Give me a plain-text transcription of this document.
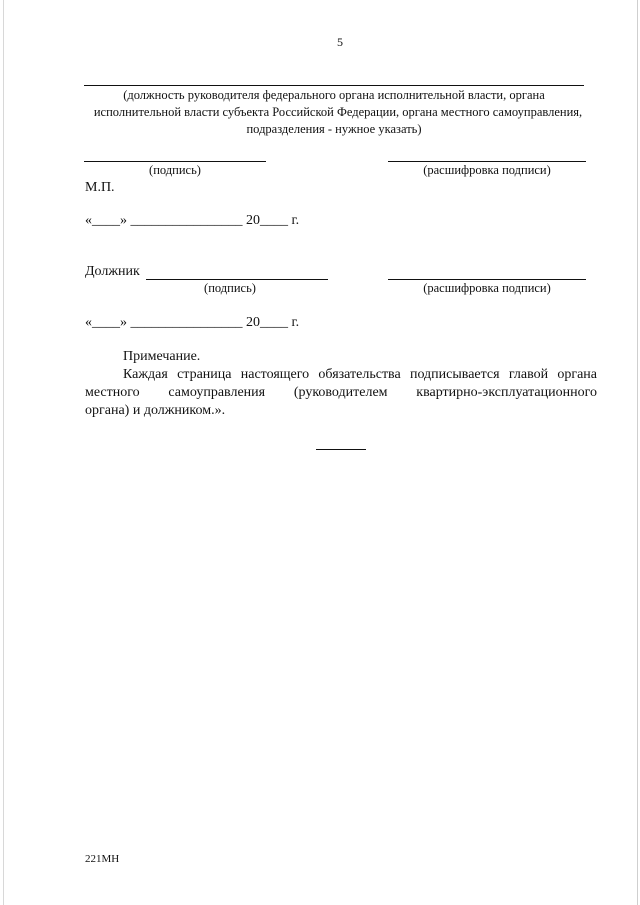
5
(должность руководителя федерального органа исполнительной власти, органа
исполнительной власти субъекта Российской Федерации, органа местного самоуправления,
подразделения - нужное указать)
(подпись)	(расшифровка подписи)
М.П.
«____» ________________ 20____ г.
Должник
(подпись)	(расшифровка подписи)
«____» ________________ 20____ г.
Примечание.
Каждая страница настоящего обязательства подписывается главой органа
местного самоуправления (руководителем квартирно-эксплуатационного
органа) и должником.».
221МН
